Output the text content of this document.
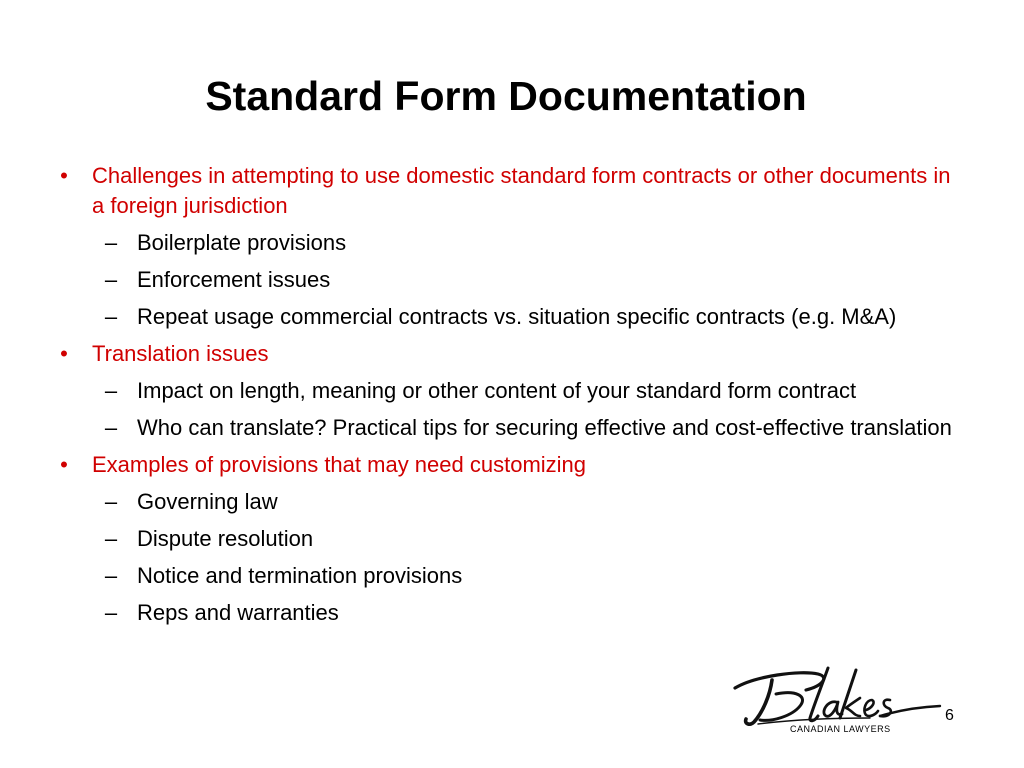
Standard Form Documentation
• Challenges in attempting to use domestic standard form contracts or other documents in a foreign jurisdiction
– Boilerplate provisions
– Enforcement issues
– Repeat usage commercial contracts vs. situation specific contracts (e.g. M&A)
• Translation issues
– Impact on length, meaning or other content of your standard form contract
– Who can translate? Practical tips for securing effective and cost-effective translation
• Examples of provisions that may need customizing
– Governing law
– Dispute resolution
– Notice and termination provisions
– Reps and warranties
CANADIAN LAWYERS
6
